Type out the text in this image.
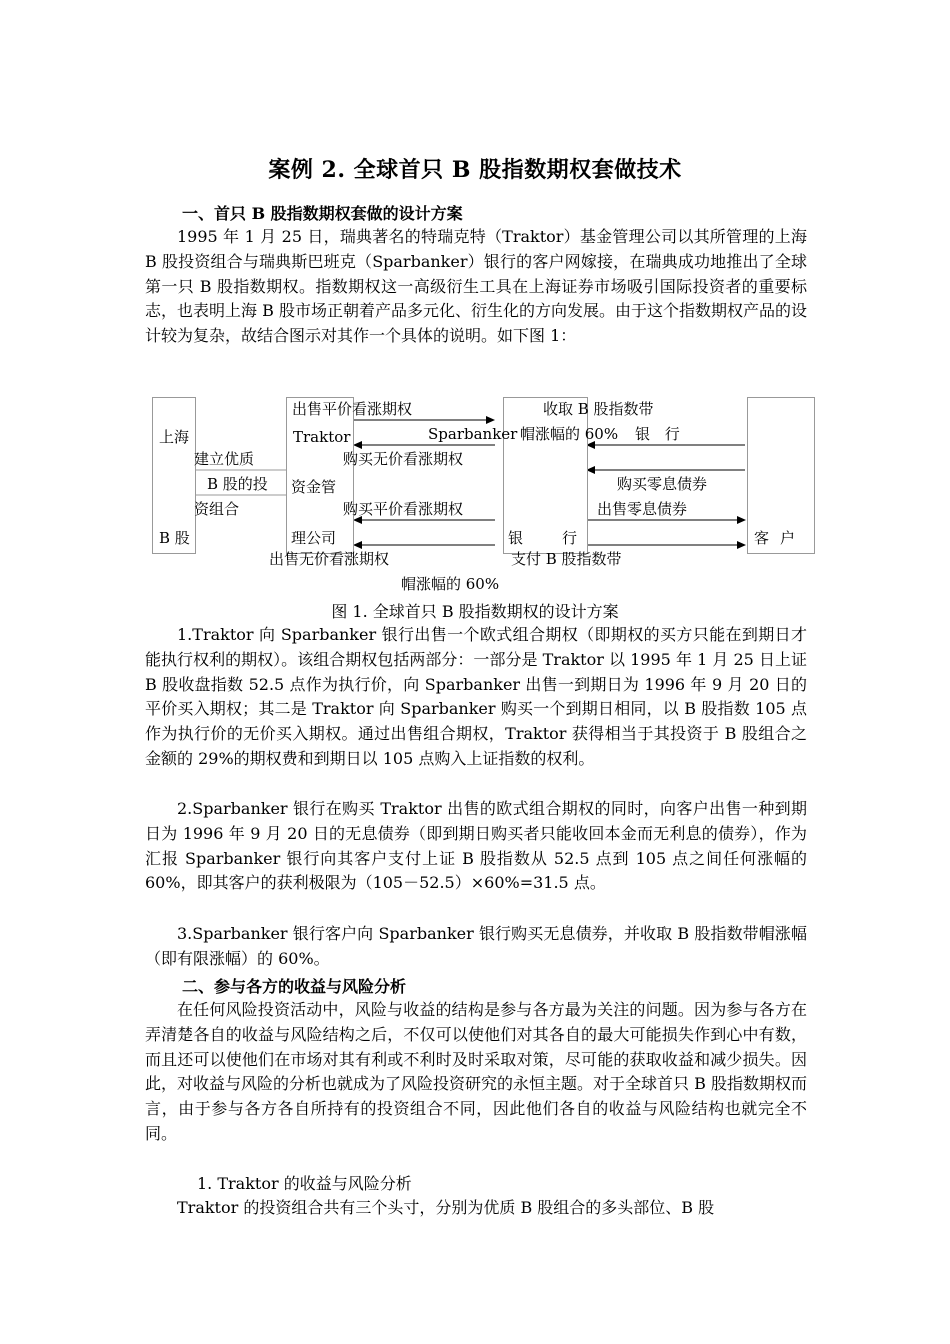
案例 2. 全球首只 B 股指数期权套做技术
一、首只 B 股指数期权套做的设计方案

1995 年 1 月 25 日，瑞典著名的特瑞克特（Traktor）基金管理公司以其所管理的上海 B 股投资组合与瑞典斯巴班克（Sparbanker）银行的客户网嫁接，在瑞典成功地推出了全球第一只 B 股指数期权。指数期权这一高级衍生工具在上海证券市场吸引国际投资者的重要标志，也表明上海 B 股市场正朝着产品多元化、衍生化的方向发展。由于这个指数期权产品的设计较为复杂，故结合图示对其作一个具体的说明。如下图 1：

上海
B 股
建立优质
B 股的投
资组合
Traktor
资金管
理公司
出售平价看涨期权
购买无价看涨期权
购买平价看涨期权
出售无价看涨期权
银	行
Sparbanker
收取 B 股指数带
帽涨幅的 60% 银 行
购买零息债券
出售零息债券
支付 B 股指数带
帽涨幅的 60%
客 户
图 1. 全球首只 B 股指数期权的设计方案

1.Traktor 向 Sparbanker 银行出售一个欧式组合期权（即期权的买方只能在到期日才能执行权利的期权）。该组合期权包括两部分：一部分是 Traktor 以 1995 年 1 月 25 日上证 B 股收盘指数 52.5 点作为执行价，向 Sparbanker 出售一到期日为 1996 年 9 月 20 日的平价买入期权；其二是 Traktor 向 Sparbanker 购买一个到期日相同，以 B 股指数 105 点作为执行价的无价买入期权。通过出售组合期权，Traktor 获得相当于其投资于 B 股组合之金额的 29%的期权费和到期日以 105 点购入上证指数的权利。

2.Sparbanker 银行在购买 Traktor 出售的欧式组合期权的同时，向客户出售一种到期日为 1996 年 9 月 20 日的无息债券（即到期日购买者只能收回本金而无利息的债券），作为汇报 Sparbanker 银行向其客户支付上证 B 股指数从 52.5 点到 105 点之间任何涨幅的 60%，即其客户的获利极限为（105－52.5）×60%=31.5 点。

3.Sparbanker 银行客户向 Sparbanker 银行购买无息债券，并收取 B 股指数带帽涨幅（即有限涨幅）的 60%。

二、参与各方的收益与风险分析

在任何风险投资活动中，风险与收益的结构是参与各方最为关注的问题。因为参与各方在弄清楚各自的收益与风险结构之后，不仅可以使他们对其各自的最大可能损失作到心中有数，而且还可以使他们在市场对其有利或不利时及时采取对策，尽可能的获取收益和减少损失。因此，对收益与风险的分析也就成为了风险投资研究的永恒主题。对于全球首只 B 股指数期权而言，由于参与各方各自所持有的投资组合不同，因此他们各自的收益与风险结构也就完全不同。

1. Traktor 的收益与风险分析

Traktor 的投资组合共有三个头寸，分别为优质 B 股组合的多头部位、B 股
